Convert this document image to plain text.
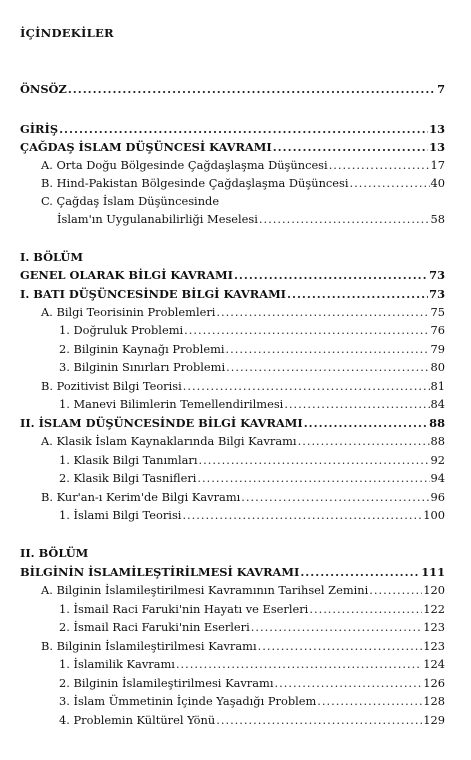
İÇİNDEKİLER
ÖNSÖZ .....	7
GİRİŞ .....	13
ÇAĞDAŞ İSLAM DÜŞÜNCESİ KAVRAMI .....	13
A. Orta Doğu Bölgesinde Çağdaşlaşma Düşüncesi .....	17
B. Hind-Pakistan Bölgesinde Çağdaşlaşma Düşüncesi .....	40
C. Çağdaş İslam Düşüncesinde
İslam'ın Uygulanabilirliği Meselesi .....	58
I. BÖLÜM
GENEL OLARAK BİLGİ KAVRAMI .....	73
I. BATI DÜŞÜNCESİNDE BİLGİ KAVRAMI .....	73
A. Bilgi Teorisinin Problemleri .....	75
1. Doğruluk Problemi .....	76
2. Bilginin Kaynağı Problemi .....	79
3. Bilginin Sınırları Problemi .....	80
B. Pozitivist Bilgi Teorisi .....	81
1. Manevi Bilimlerin Temellendirilmesi .....	84
II. İSLAM DÜŞÜNCESİNDE BİLGİ KAVRAMI .....	88
A. Klasik İslam Kaynaklarında Bilgi Kavramı .....	88
1. Klasik Bilgi Tanımları .....	92
2. Klasik Bilgi Tasnifleri .....	94
B. Kur'an-ı Kerim'de Bilgi Kavramı .....	96
1. İslami Bilgi Teorisi .....	100
II. BÖLÜM
BİLGİNİN İSLAMİLEŞTİRİLMESİ KAVRAMI .....	111
A. Bilginin İslamileştirilmesi Kavramının Tarihsel Zemini .....	120
1. İsmail Raci Faruki'nin Hayatı ve Eserleri .....	122
2. İsmail Raci Faruki'nin Eserleri .....	123
B. Bilginin İslamileştirilmesi Kavramı .....	123
1. İslamilik Kavramı .....	124
2. Bilginin İslamileştirilmesi Kavramı .....	126
3. İslam Ümmetinin İçinde Yaşadığı Problem .....	128
4. Problemin Kültürel Yönü .....	129
